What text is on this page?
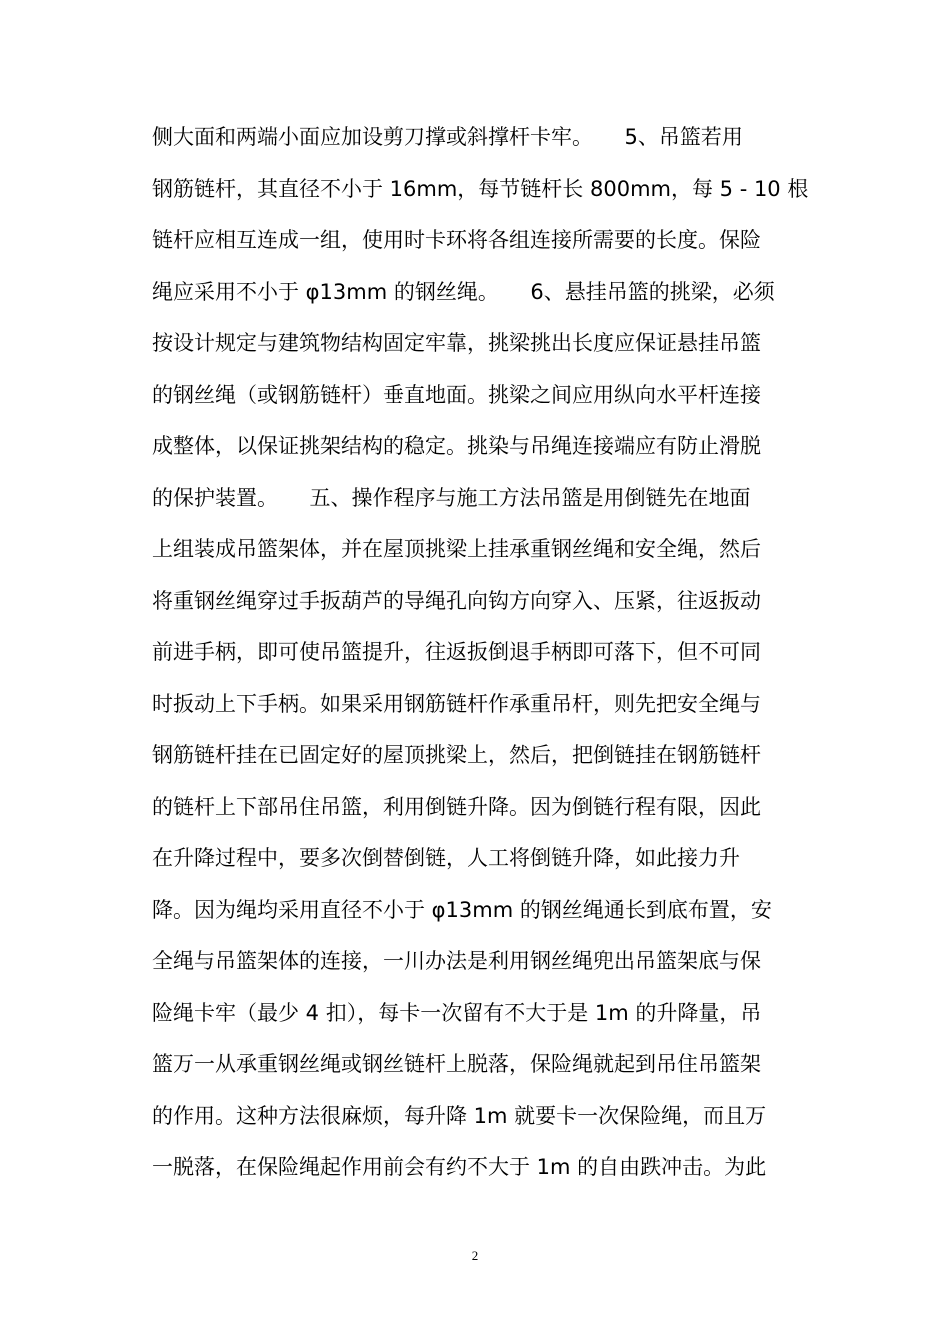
侧大面和两端小面应加设剪刀撑或斜撑杆卡牢。　　5、吊篮若用
钢筋链杆，其直径不小于 16mm，每节链杆长 800mm，每 5 - 10 根
链杆应相互连成一组，使用时卡环将各组连接所需要的长度。保险
绳应采用不小于 φ13mm 的钢丝绳。　　6、悬挂吊篮的挑梁，必须
按设计规定与建筑物结构固定牢靠，挑梁挑出长度应保证悬挂吊篮
的钢丝绳（或钢筋链杆）垂直地面。挑梁之间应用纵向水平杆连接
成整体，以保证挑架结构的稳定。挑染与吊绳连接端应有防止滑脱
的保护装置。　　五、操作程序与施工方法吊篮是用倒链先在地面
上组装成吊篮架体，并在屋顶挑梁上挂承重钢丝绳和安全绳，然后
将重钢丝绳穿过手扳葫芦的导绳孔向钩方向穿入、压紧，往返扳动
前进手柄，即可使吊篮提升，往返扳倒退手柄即可落下，但不可同
时扳动上下手柄。如果采用钢筋链杆作承重吊杆，则先把安全绳与
钢筋链杆挂在已固定好的屋顶挑梁上，然后，把倒链挂在钢筋链杆
的链杆上下部吊住吊篮，利用倒链升降。因为倒链行程有限，因此
在升降过程中，要多次倒替倒链，人工将倒链升降，如此接力升
降。因为绳均采用直径不小于 φ13mm 的钢丝绳通长到底布置，安
全绳与吊篮架体的连接，一川办法是利用钢丝绳兜出吊篮架底与保
险绳卡牢（最少 4 扣），每卡一次留有不大于是 1m 的升降量，吊
篮万一从承重钢丝绳或钢丝链杆上脱落，保险绳就起到吊住吊篮架
的作用。这种方法很麻烦，每升降 1m 就要卡一次保险绳，而且万
一脱落，在保险绳起作用前会有约不大于 1m 的自由跌冲击。为此
2
